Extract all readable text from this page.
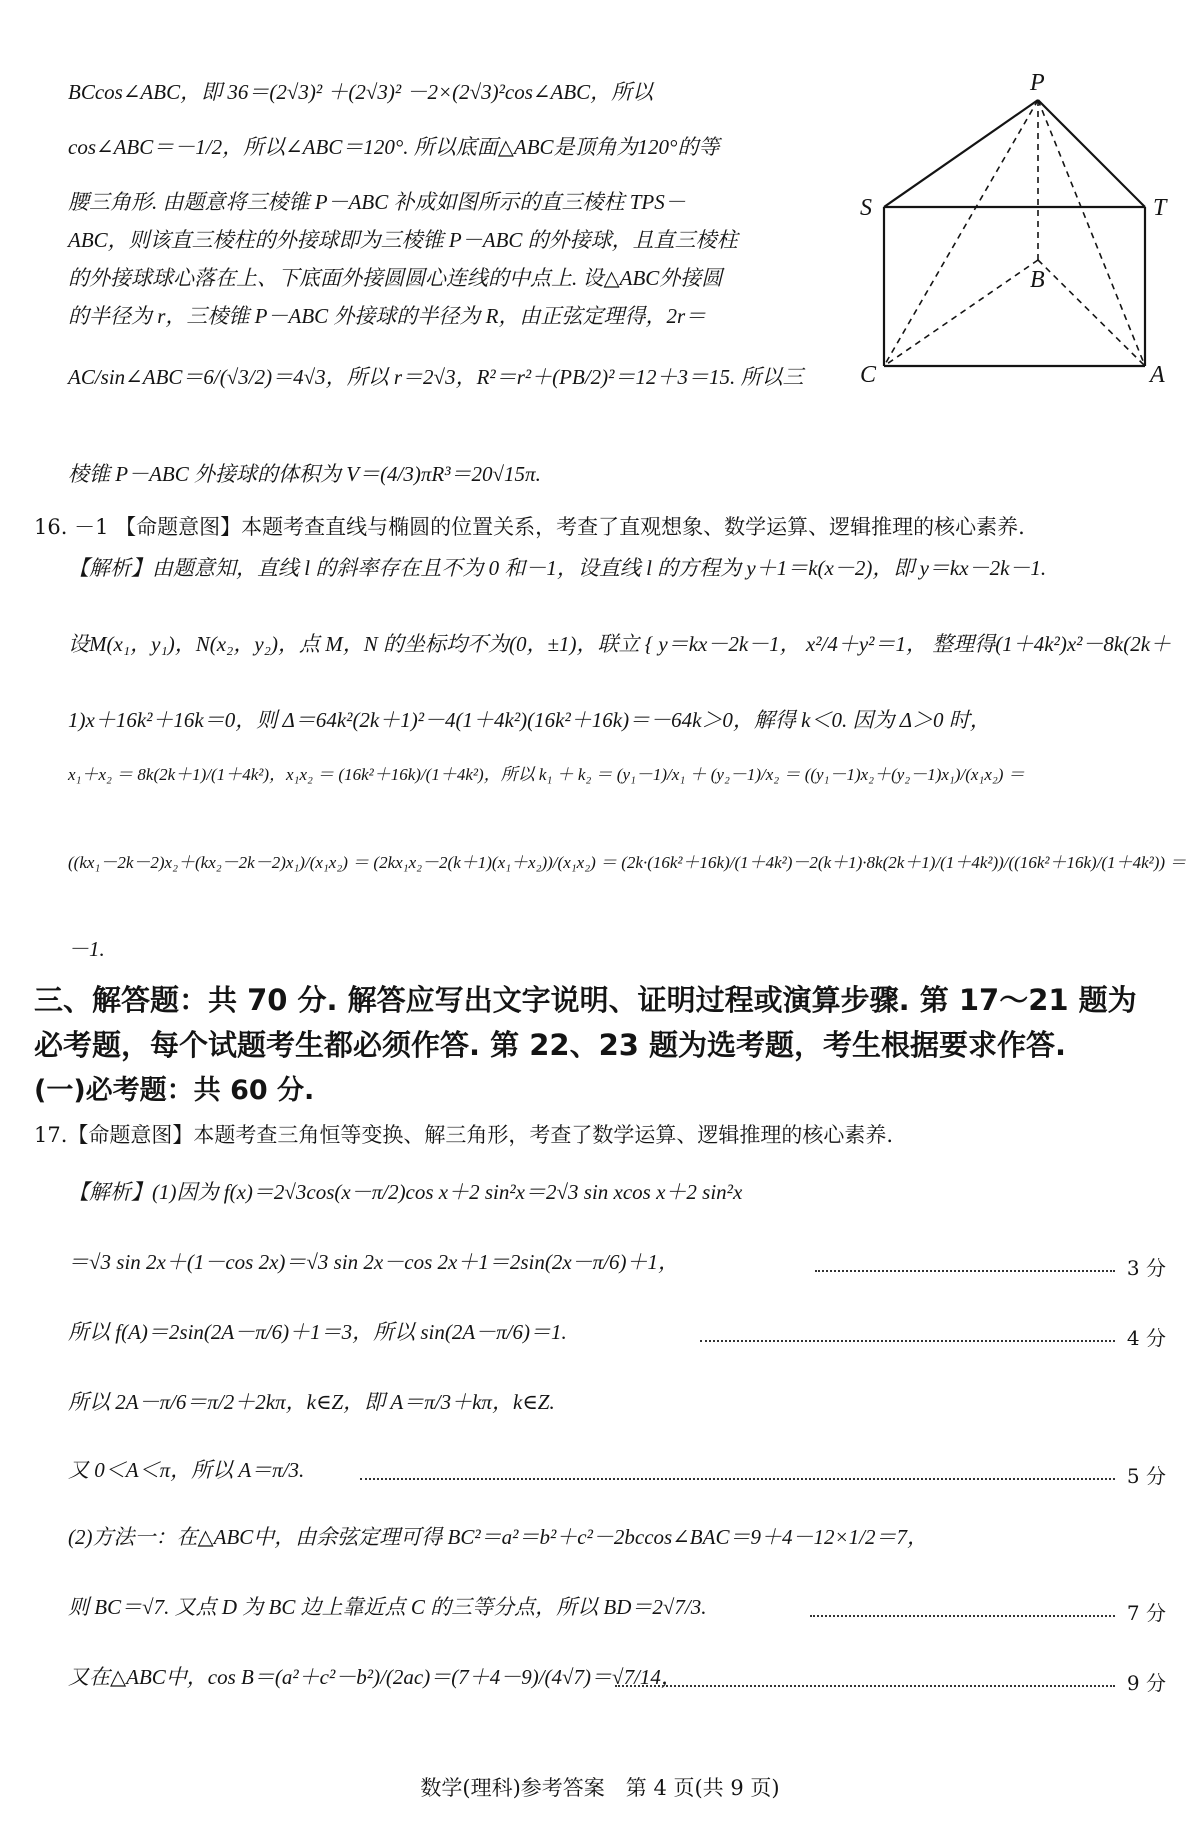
P
S	T
B
C	A
BCcos∠ABC，即 36＝(2√3)² ＋(2√3)² －2×(2√3)²cos∠ABC，所以
cos∠ABC＝－1/2，所以∠ABC＝120°. 所以底面△ABC是顶角为120°的等
腰三角形. 由题意将三棱锥 P－ABC 补成如图所示的直三棱柱 TPS－
ABC，则该直三棱柱的外接球即为三棱锥 P－ABC 的外接球，且直三棱柱
的外接球球心落在上、下底面外接圆圆心连线的中点上. 设△ABC外接圆
的半径为 r，三棱锥 P－ABC 外接球的半径为 R，由正弦定理得，2r＝
AC/sin∠ABC＝6/(√3/2)＝4√3，所以 r＝2√3，R²＝r²＋(PB/2)²＝12＋3＝15. 所以三
棱锥 P－ABC 外接球的体积为 V＝(4/3)πR³＝20√15π.
16. －1 【命题意图】本题考查直线与椭圆的位置关系，考查了直观想象、数学运算、逻辑推理的核心素养.
【解析】由题意知，直线 l 的斜率存在且不为 0 和－1，设直线 l 的方程为 y＋1＝k(x－2)，即 y＝kx－2k－1.
设M(x₁，y₁)，N(x₂，y₂)，点 M，N 的坐标均不为(0，±1)，联立 { y＝kx－2k－1， x²/4＋y²＝1， 整理得(1＋4k²)x²－8k(2k＋
1)x＋16k²＋16k＝0，则 Δ＝64k²(2k＋1)²－4(1＋4k²)(16k²＋16k)＝－64k＞0，解得 k＜0. 因为 Δ＞0 时，
x₁＋x₂ ＝ 8k(2k＋1)/(1＋4k²)，x₁x₂ ＝ (16k²＋16k)/(1＋4k²)，所以 k₁ ＋ k₂ ＝ (y₁－1)/x₁ ＋ (y₂－1)/x₂ ＝ ((y₁－1)x₂＋(y₂－1)x₁)/(x₁x₂) ＝
((kx₁－2k－2)x₂＋(kx₂－2k－2)x₁)/(x₁x₂) ＝ (2kx₁x₂－2(k＋1)(x₁＋x₂))/(x₁x₂) ＝ (2k·(16k²＋16k)/(1＋4k²)－2(k＋1)·8k(2k＋1)/(1＋4k²))/((16k²＋16k)/(1＋4k²)) ＝
－1.
三、解答题：共 70 分. 解答应写出文字说明、证明过程或演算步骤. 第 17～21 题为
必考题，每个试题考生都必须作答. 第 22、23 题为选考题，考生根据要求作答.
(一)必考题：共 60 分.
17.【命题意图】本题考查三角恒等变换、解三角形，考查了数学运算、逻辑推理的核心素养.
【解析】(1)因为 f(x)＝2√3cos(x－π/2)cos x＋2 sin²x＝2√3 sin xcos x＋2 sin²x
＝√3 sin 2x＋(1－cos 2x)＝√3 sin 2x－cos 2x＋1＝2sin(2x－π/6)＋1，	3 分
所以 f(A)＝2sin(2A－π/6)＋1＝3，所以 sin(2A－π/6)＝1.	4 分
所以 2A－π/6＝π/2＋2kπ，k∈Z，即 A＝π/3＋kπ，k∈Z.
又 0＜A＜π，所以 A＝π/3.	5 分
(2)方法一：在△ABC中，由余弦定理可得 BC²＝a²＝b²＋c²－2bccos∠BAC＝9＋4－12×1/2＝7，
则 BC＝√7. 又点 D 为 BC 边上靠近点 C 的三等分点，所以 BD＝2√7/3.	7 分
又在△ABC中，cos B＝(a²＋c²－b²)/(2ac)＝(7＋4－9)/(4√7)＝√7/14，	9 分
数学(理科)参考答案　第 4 页(共 9 页)
